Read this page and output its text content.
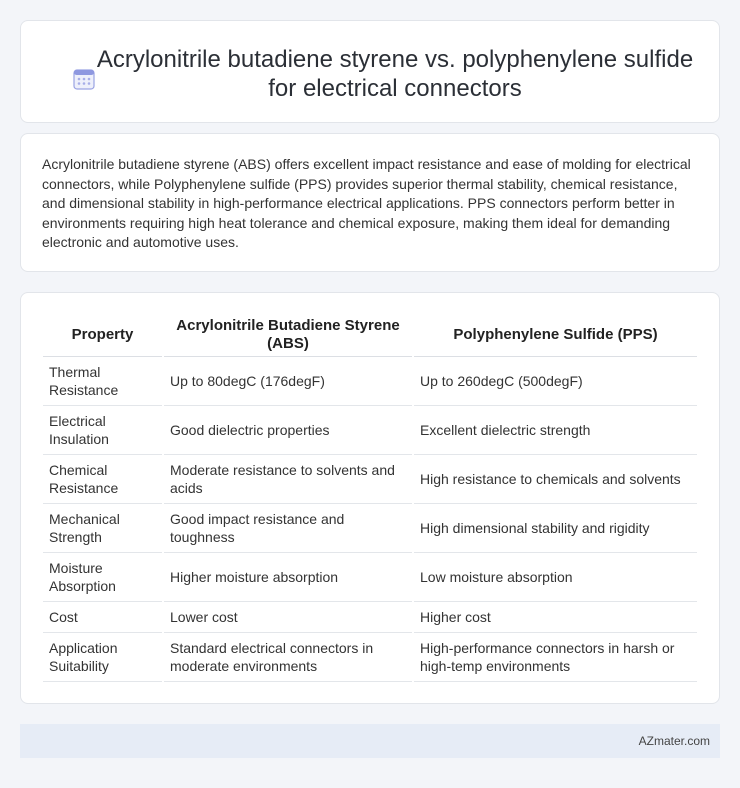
Acrylonitrile butadiene styrene vs. polyphenylene sulfide for electrical connectors

Acrylonitrile butadiene styrene (ABS) offers excellent impact resistance and ease of molding for electrical connectors, while Polyphenylene sulfide (PPS) provides superior thermal stability, chemical resistance, and dimensional stability in high-performance electrical applications. PPS connectors perform better in environments requiring high heat tolerance and chemical exposure, making them ideal for demanding electronic and automotive uses.

Property	Acrylonitrile Butadiene Styrene (ABS)	Polyphenylene Sulfide (PPS)
Thermal Resistance	Up to 80degC (176degF)	Up to 260degC (500degF)
Electrical Insulation	Good dielectric properties	Excellent dielectric strength
Chemical Resistance	Moderate resistance to solvents and acids	High resistance to chemicals and solvents
Mechanical Strength	Good impact resistance and toughness	High dimensional stability and rigidity
Moisture Absorption	Higher moisture absorption	Low moisture absorption
Cost	Lower cost	Higher cost
Application Suitability	Standard electrical connectors in moderate environments	High-performance connectors in harsh or high-temp environments
AZmater.com
